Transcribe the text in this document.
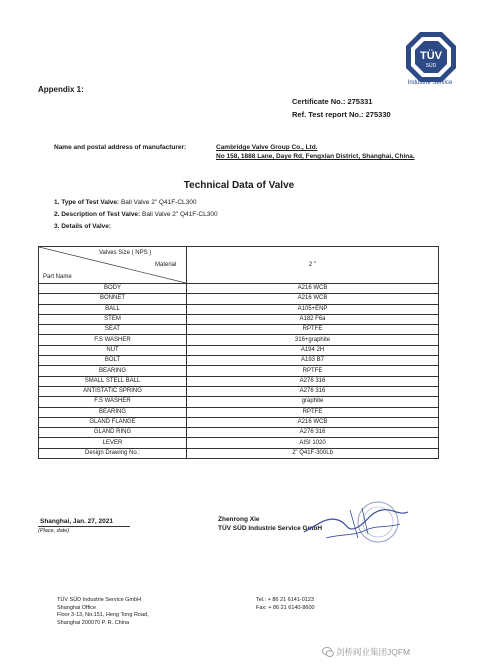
TÜV
SÜD
Industrie Service
Appendix 1:
Certificate No.: 275331
Ref. Test report No.: 275330
Name and postal address of manufacturer:	Cambridge Valve Group Co., Ltd.
No 158, 1888 Lane, Daye Rd, Fengxian District, Shanghai, China.
Technical Data of Valve
1. Type of Test Valve: Ball Valve 2" Q41F-CL300
2. Description of Test Valve: Ball Valve 2" Q41F-CL300
3. Details of Valve:
Valves Size ( NPS )
Material
Part Name	2 "
BODY	A216 WCB
BONNET	A216 WCB
BALL	A105+ENP
STEM	A182 F6a
SEAT	RPTFE
F.S WASHER	316+graphite
NUT	A194 2H
BOLT	A193 B7
BEARING	RPTFE
SMALL STELL BALL	A276 316
ANTISTATIC SPRING	A276 316
F.S WASHER	graphite
BEARING	RPTFE
GLAND FLANGE	A216 WCB
GLAND RING	A276 316
LEVER	AISI 1020
Design Drawing No.:	2" Q41F-300Lb
Shanghai, Jan. 27, 2021
(Place, date)
Zhenrong Xie
TÜV SÜD Industrie Service GmbH
TÜV SÜD Industrie Service GmbH
Shanghai Office
Floor 3-13, No.151, Heng Tong Road,
Shanghai 200070 P. R. China
Tel.: + 86 21 6141-0123
Fax: + 86 21 6140-8600
剑桥阀业集团JQFM
